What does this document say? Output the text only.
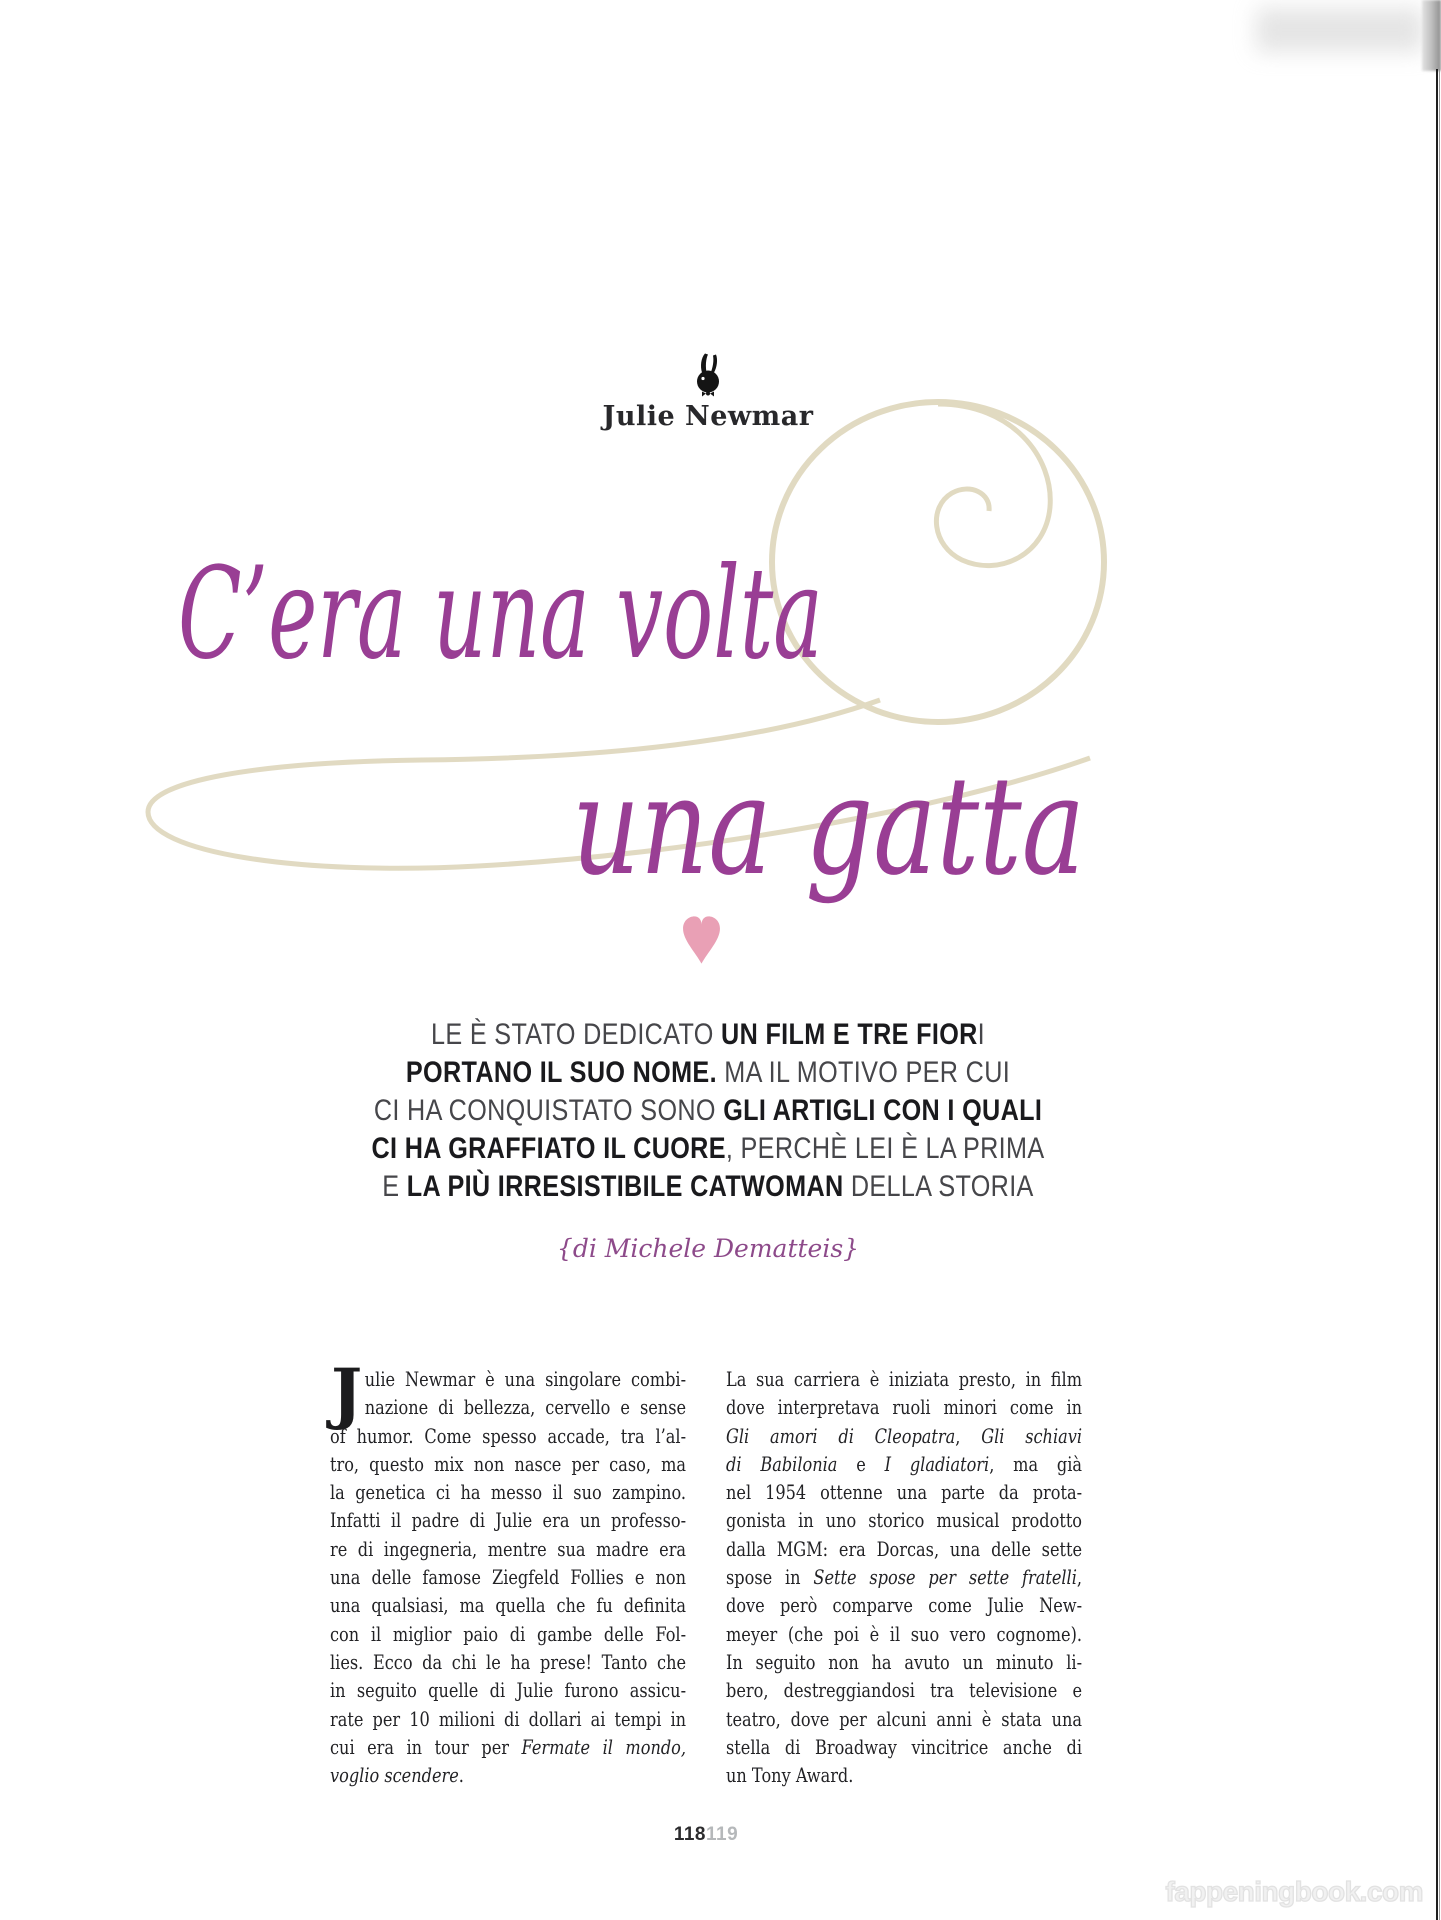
Julie Newmar
C’era una volta
una gatta
LE È STATO DEDICATO UN FILM E TRE FIORI
PORTANO IL SUO NOME. MA IL MOTIVO PER CUI
CI HA CONQUISTATO SONO GLI ARTIGLI CON I QUALI
CI HA GRAFFIATO IL CUORE, PERCHÈ LEI È LA PRIMA
E LA PIÙ IRRESISTIBILE CATWOMAN DELLA STORIA
{di Michele Dematteis}
J ulie Newmar è una singolare combi-
nazione di bellezza, cervello e sense
of humor. Come spesso accade, tra l’al-
tro, questo mix non nasce per caso, ma
la genetica ci ha messo il suo zampino.
Infatti il padre di Julie era un professo-
re di ingegneria, mentre sua madre era
una delle famose Ziegfeld Follies e non
una qualsiasi, ma quella che fu definita
con il miglior paio di gambe delle Fol-
lies. Ecco da chi le ha prese! Tanto che
in seguito quelle di Julie furono assicu-
rate per 10 milioni di dollari ai tempi in
cui era in tour per Fermate il mondo,
voglio scendere.
La sua carriera è iniziata presto, in film
dove interpretava ruoli minori come in
Gli amori di Cleopatra, Gli schiavi
di Babilonia e I gladiatori, ma già
nel 1954 ottenne una parte da prota-
gonista in uno storico musical prodotto
dalla MGM: era Dorcas, una delle sette
spose in Sette spose per sette fratelli,
dove però comparve come Julie New-
meyer (che poi è il suo vero cognome).
In seguito non ha avuto un minuto li-
bero, destreggiandosi tra televisione e
teatro, dove per alcuni anni è stata una
stella di Broadway vincitrice anche di
un Tony Award.
118119
fappeningbook.com
